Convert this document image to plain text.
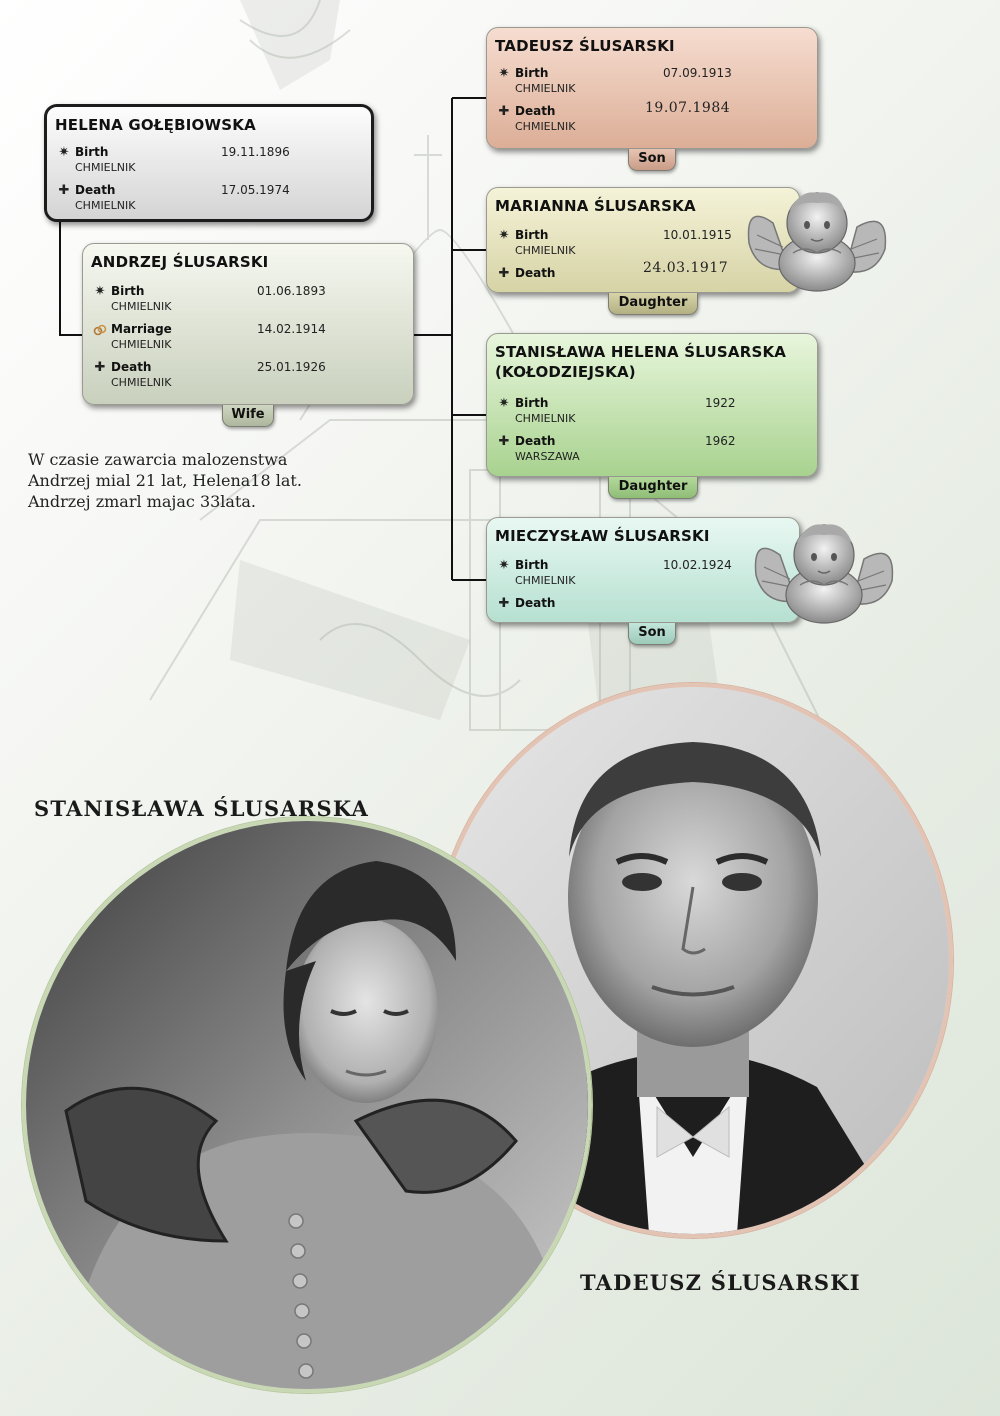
HELENA GOŁĘBIOWSKA
✷ Birth
CHMIELNIK
19.11.1896
✚ Death
CHMIELNIK
17.05.1974
ANDRZEJ ŚLUSARSKI
✷ Birth
CHMIELNIK
01.06.1893
Marriage
CHMIELNIK
14.02.1914
✚ Death
CHMIELNIK
25.01.1926
Wife
TADEUSZ ŚLUSARSKI
✷ Birth
CHMIELNIK
07.09.1913
✚ Death
CHMIELNIK
19.07.1984
Son
MARIANNA ŚLUSARSKA
✷ Birth
CHMIELNIK
10.01.1915
✚ Death	24.03.1917
Daughter
STANISŁAWA HELENA ŚLUSARSKA
(KOŁODZIEJSKA)
✷ Birth
CHMIELNIK
1922
✚ Death
WARSZAWA
1962
Daughter
MIECZYSŁAW ŚLUSARSKI
✷ Birth
CHMIELNIK
10.02.1924
✚ Death
Son
W czasie zawarcia malozenstwa
Andrzej mial 21 lat, Helena18 lat.
Andrzej zmarl majac 33lata.
STANISŁAWA ŚLUSARSKA
TADEUSZ ŚLUSARSKI
